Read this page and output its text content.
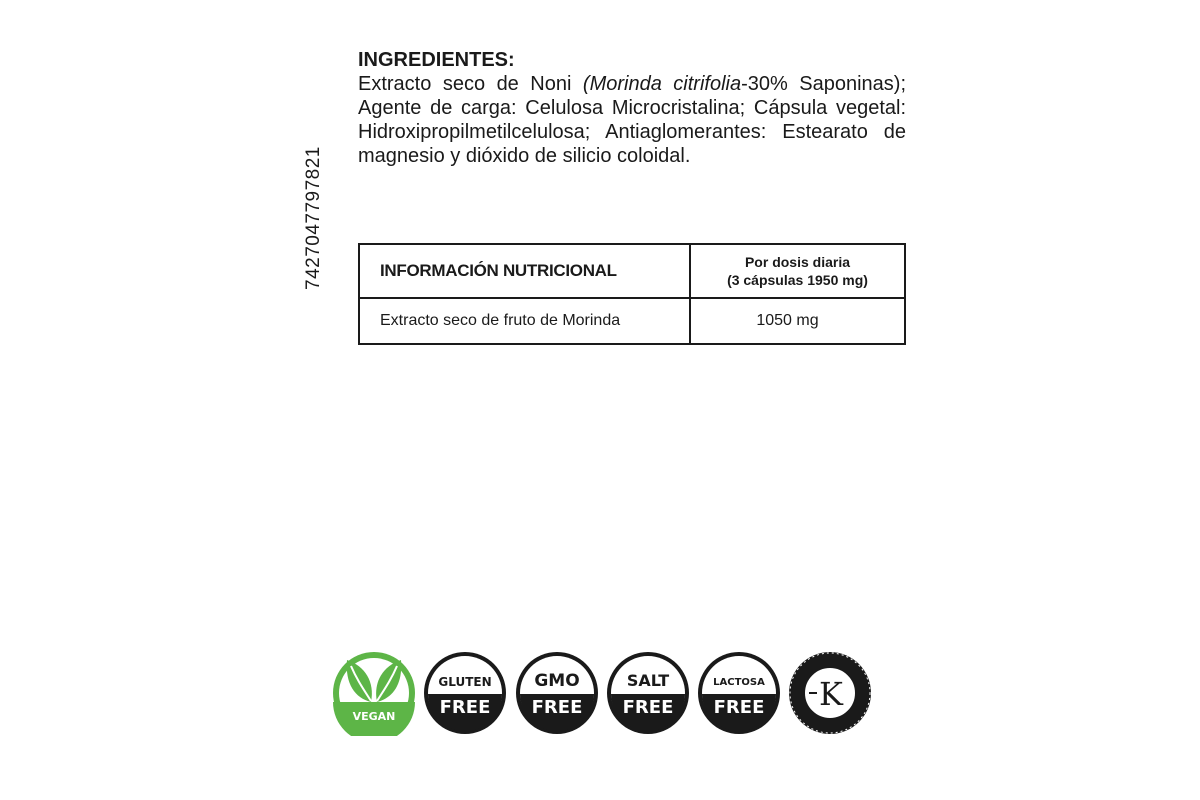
7427047797821
INGREDIENTES:
Extracto seco de Noni (Morinda citrifolia-30% Saponinas); Agente de carga: Celulosa Microcristalina; Cápsula vegetal: Hidroxipropilmetilcelulosa; Antiaglomerantes: Estearato de magnesio y dióxido de silicio coloidal.
INFORMACIÓN NUTRICIONAL	Por dosis diaria
(3 cápsulas 1950 mg)

Extracto seco de fruto de Morinda	1050 mg
VEGAN
GLUTEN
FREE
GMO
FREE
SALT
FREE
LACTOSA
FREE K
